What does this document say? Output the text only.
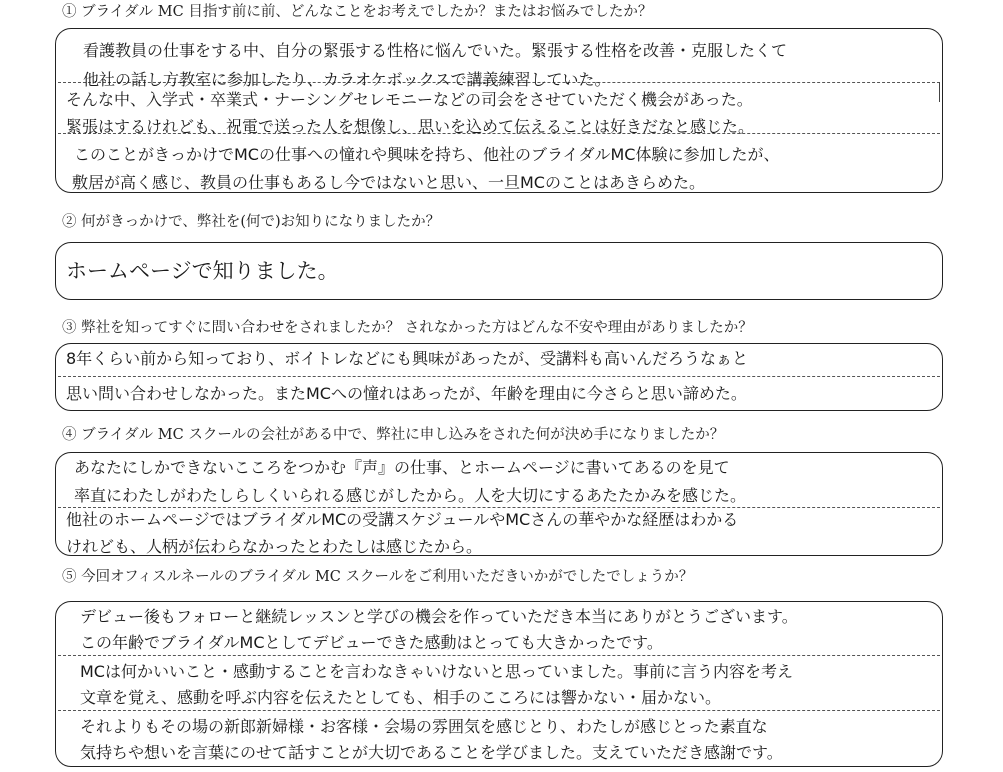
① ブライダル MC 目指す前に前、どんなことをお考えでしたか？またはお悩みでしたか？
看護教員の仕事をする中、自分の緊張する性格に悩んでいた。緊張する性格を改善・克服したくて
他社の話し方教室に参加したり、カラオケボックスで講義練習していた。
そんな中、入学式・卒業式・ナーシングセレモニーなどの司会をさせていただく機会があった。
緊張はするけれども、祝電で送った人を想像し、思いを込めて伝えることは好きだなと感じた。
このことがきっかけでMCの仕事への憧れや興味を持ち、他社のブライダルMC体験に参加したが、
敷居が高く感じ、教員の仕事もあるし今ではないと思い、一旦MCのことはあきらめた。
② 何がきっかけで、弊社を(何で)お知りになりましたか？
ホームページで知りました。
③ 弊社を知ってすぐに問い合わせをされましたか？ されなかった方はどんな不安や理由がありましたか？
8年くらい前から知っており、ボイトレなどにも興味があったが、受講料も高いんだろうなぁと
思い問い合わせしなかった。またMCへの憧れはあったが、年齢を理由に今さらと思い諦めた。
④ ブライダル MC スクールの会社がある中で、弊社に申し込みをされた何が決め手になりましたか？
あなたにしかできないこころをつかむ『声』の仕事、とホームページに書いてあるのを見て
率直にわたしがわたしらしくいられる感じがしたから。人を大切にするあたたかみを感じた。
他社のホームページではブライダルMCの受講スケジュールやMCさんの華やかな経歴はわかる
けれども、人柄が伝わらなかったとわたしは感じたから。
⑤ 今回オフィスルネールのブライダル MC スクールをご利用いただきいかがでしたでしょうか？
デビュー後もフォローと継続レッスンと学びの機会を作っていただき本当にありがとうございます。
この年齢でブライダルMCとしてデビューできた感動はとっても大きかったです。
MCは何かいいこと・感動することを言わなきゃいけないと思っていました。事前に言う内容を考え
文章を覚え、感動を呼ぶ内容を伝えたとしても、相手のこころには響かない・届かない。
それよりもその場の新郎新婦様・お客様・会場の雰囲気を感じとり、わたしが感じとった素直な
気持ちや想いを言葉にのせて話すことが大切であることを学びました。支えていただき感謝です。
